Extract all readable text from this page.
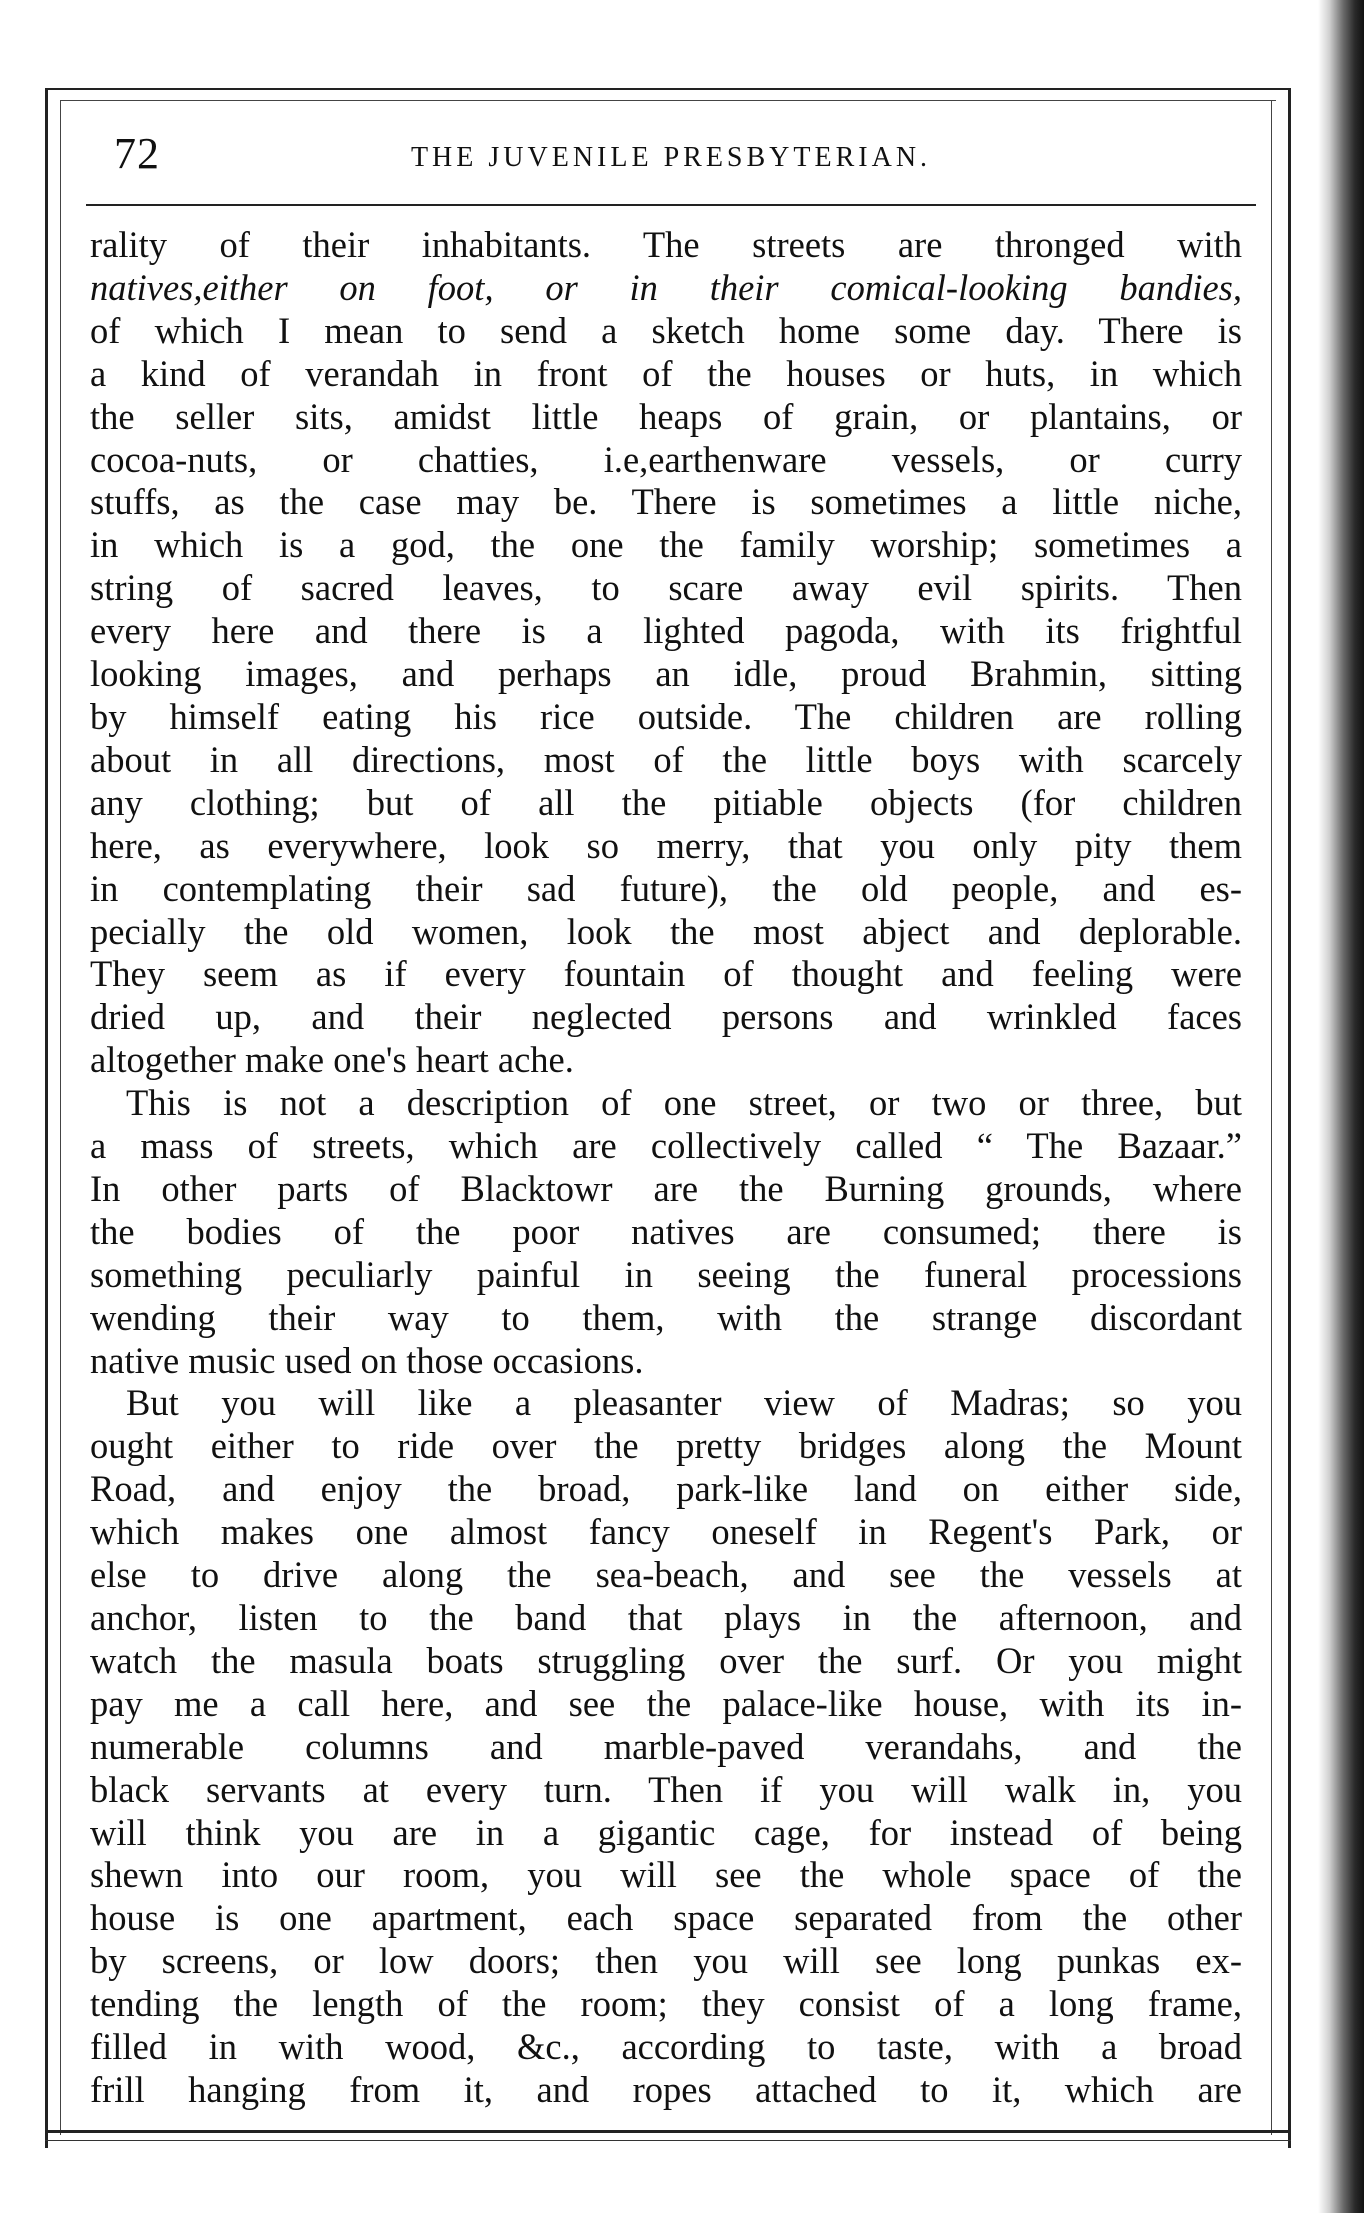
72	THE JUVENILE PRESBYTERIAN.

rality of their inhabitants. The streets are thronged with
natives,either on foot, or in their comical-looking bandies,
of which I mean to send a sketch home some day. There is
a kind of verandah in front of the houses or huts, in which
the seller sits, amidst little heaps of grain, or plantains, or
cocoa-nuts, or chatties, i.e,earthenware vessels, or curry
stuffs, as the case may be. There is sometimes a little niche,
in which is a god, the one the family worship; sometimes a
string of sacred leaves, to scare away evil spirits. Then
every here and there is a lighted pagoda, with its frightful
looking images, and perhaps an idle, proud Brahmin, sitting
by himself eating his rice outside. The children are rolling
about in all directions, most of the little boys with scarcely
any clothing; but of all the pitiable objects (for children
here, as everywhere, look so merry, that you only pity them
in contemplating their sad future), the old people, and es-
pecially the old women, look the most abject and deplorable.
They seem as if every fountain of thought and feeling were
dried up, and their neglected persons and wrinkled faces
altogether make one's heart ache.

This is not a description of one street, or two or three, but
a mass of streets, which are collectively called “ The Bazaar.”
In other parts of Blacktowr are the Burning grounds, where
the bodies of the poor natives are consumed; there is
something peculiarly painful in seeing the funeral processions
wending their way to them, with the strange discordant
native music used on those occasions.

But you will like a pleasanter view of Madras; so you
ought either to ride over the pretty bridges along the Mount
Road, and enjoy the broad, park-like land on either side,
which makes one almost fancy oneself in Regent's Park, or
else to drive along the sea-beach, and see the vessels at
anchor, listen to the band that plays in the afternoon, and
watch the masula boats struggling over the surf. Or you might
pay me a call here, and see the palace-like house, with its in-
numerable columns and marble-paved verandahs, and the
black servants at every turn. Then if you will walk in, you
will think you are in a gigantic cage, for instead of being
shewn into our room, you will see the whole space of the
house is one apartment, each space separated from the other
by screens, or low doors; then you will see long punkas ex-
tending the length of the room; they consist of a long frame,
filled in with wood, &c., according to taste, with a broad
frill hanging from it, and ropes attached to it, which are
